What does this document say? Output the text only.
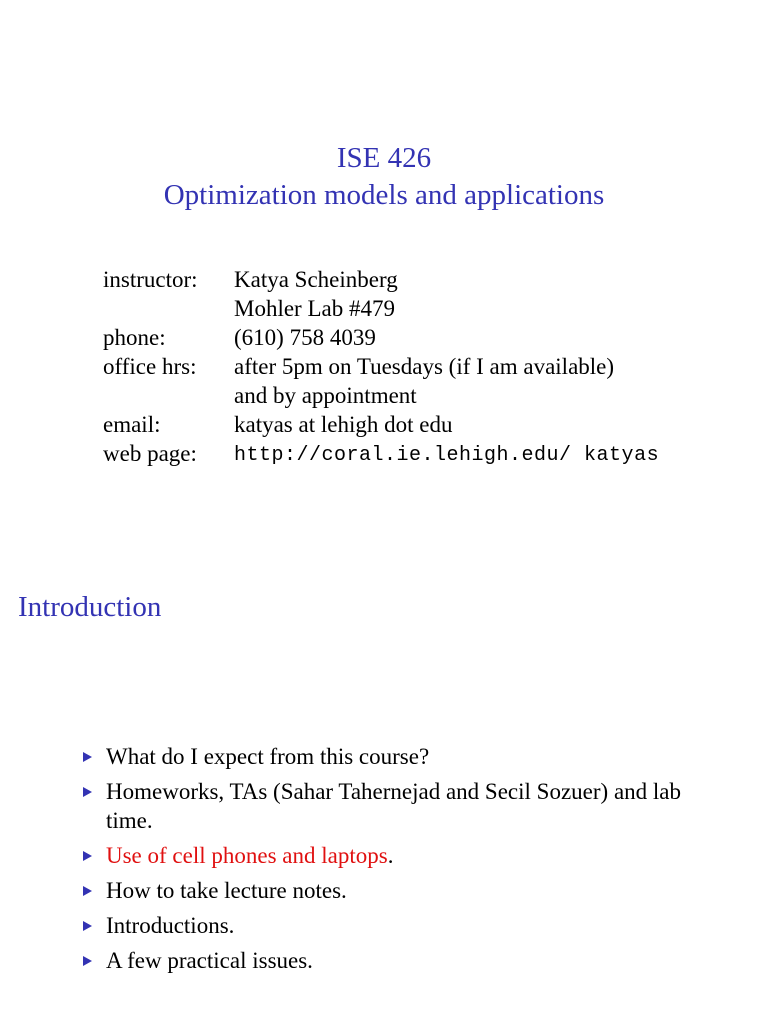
ISE 426
Optimization models and applications
instructor: Katya Scheinberg
Mohler Lab #479
phone:	(610) 758 4039
office hrs: after 5pm on Tuesdays (if I am available)
and by appointment
email:	katyas at lehigh dot edu
web page: http://coral.ie.lehigh.edu/ katyas
Introduction
What do I expect from this course?
Homeworks, TAs (Sahar Tahernejad and Secil Sozuer) and lab time.
Use of cell phones and laptops.
How to take lecture notes.
Introductions.
A few practical issues.
